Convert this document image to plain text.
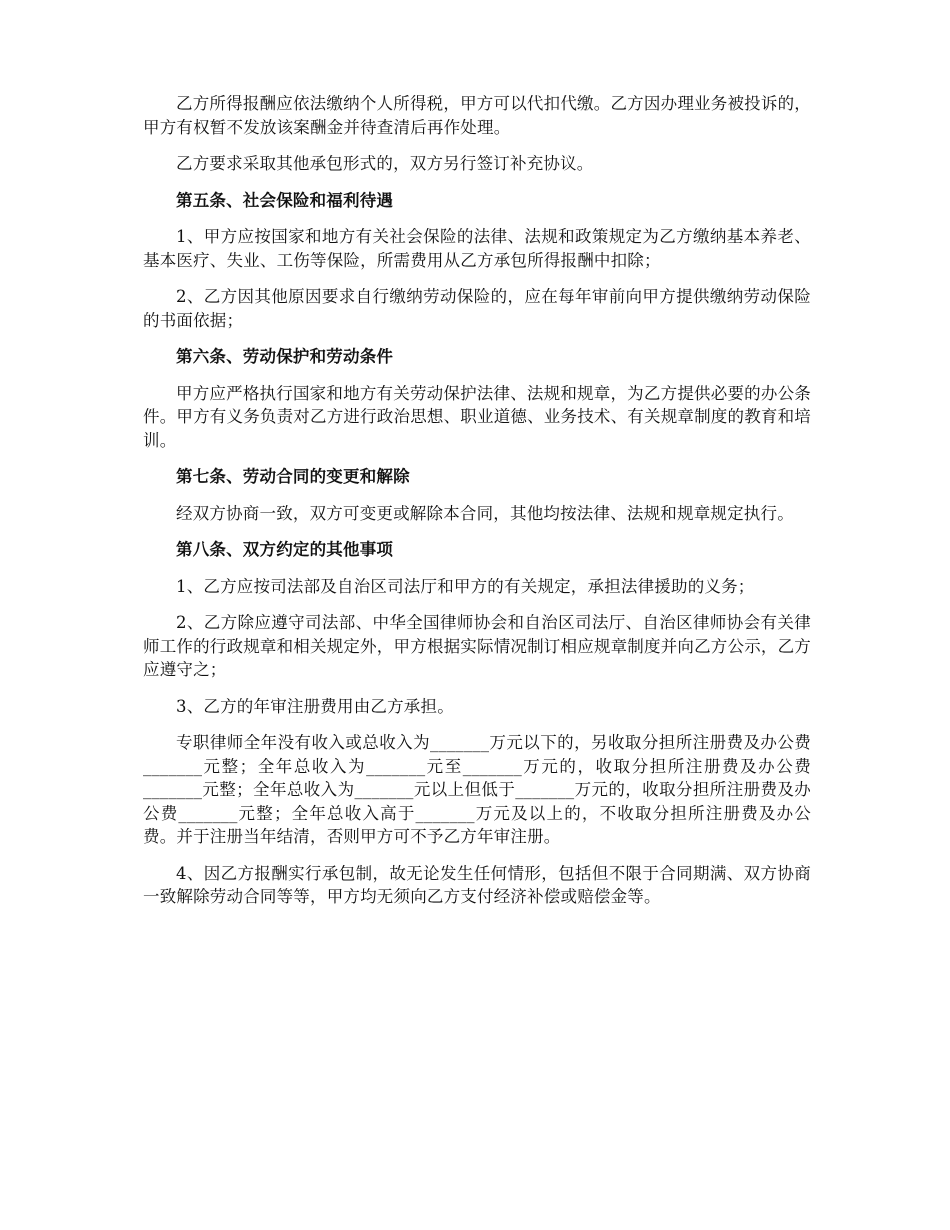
乙方所得报酬应依法缴纳个人所得税，甲方可以代扣代缴。乙方因办理业务被投诉的，甲方有权暂不发放该案酬金并待查清后再作处理。

乙方要求采取其他承包形式的，双方另行签订补充协议。

第五条、社会保险和福利待遇

1、甲方应按国家和地方有关社会保险的法律、法规和政策规定为乙方缴纳基本养老、基本医疗、失业、工伤等保险，所需费用从乙方承包所得报酬中扣除；

2、乙方因其他原因要求自行缴纳劳动保险的，应在每年审前向甲方提供缴纳劳动保险的书面依据；

第六条、劳动保护和劳动条件

甲方应严格执行国家和地方有关劳动保护法律、法规和规章，为乙方提供必要的办公条件。甲方有义务负责对乙方进行政治思想、职业道德、业务技术、有关规章制度的教育和培训。

第七条、劳动合同的变更和解除

经双方协商一致，双方可变更或解除本合同，其他均按法律、法规和规章规定执行。

第八条、双方约定的其他事项

1、乙方应按司法部及自治区司法厅和甲方的有关规定，承担法律援助的义务；

2、乙方除应遵守司法部、中华全国律师协会和自治区司法厅、自治区律师协会有关律师工作的行政规章和相关规定外，甲方根据实际情况制订相应规章制度并向乙方公示，乙方应遵守之；

3、乙方的年审注册费用由乙方承担。

专职律师全年没有收入或总收入为_______万元以下的，另收取分担所注册费及办公费_______元整；全年总收入为_______元至_______万元的，收取分担所注册费及办公费_______元整；全年总收入为_______元以上但低于_______万元的，收取分担所注册费及办公费_______元整；全年总收入高于_______万元及以上的，不收取分担所注册费及办公费。并于注册当年结清，否则甲方可不予乙方年审注册。

4、因乙方报酬实行承包制，故无论发生任何情形，包括但不限于合同期满、双方协商一致解除劳动合同等等，甲方均无须向乙方支付经济补偿或赔偿金等。
